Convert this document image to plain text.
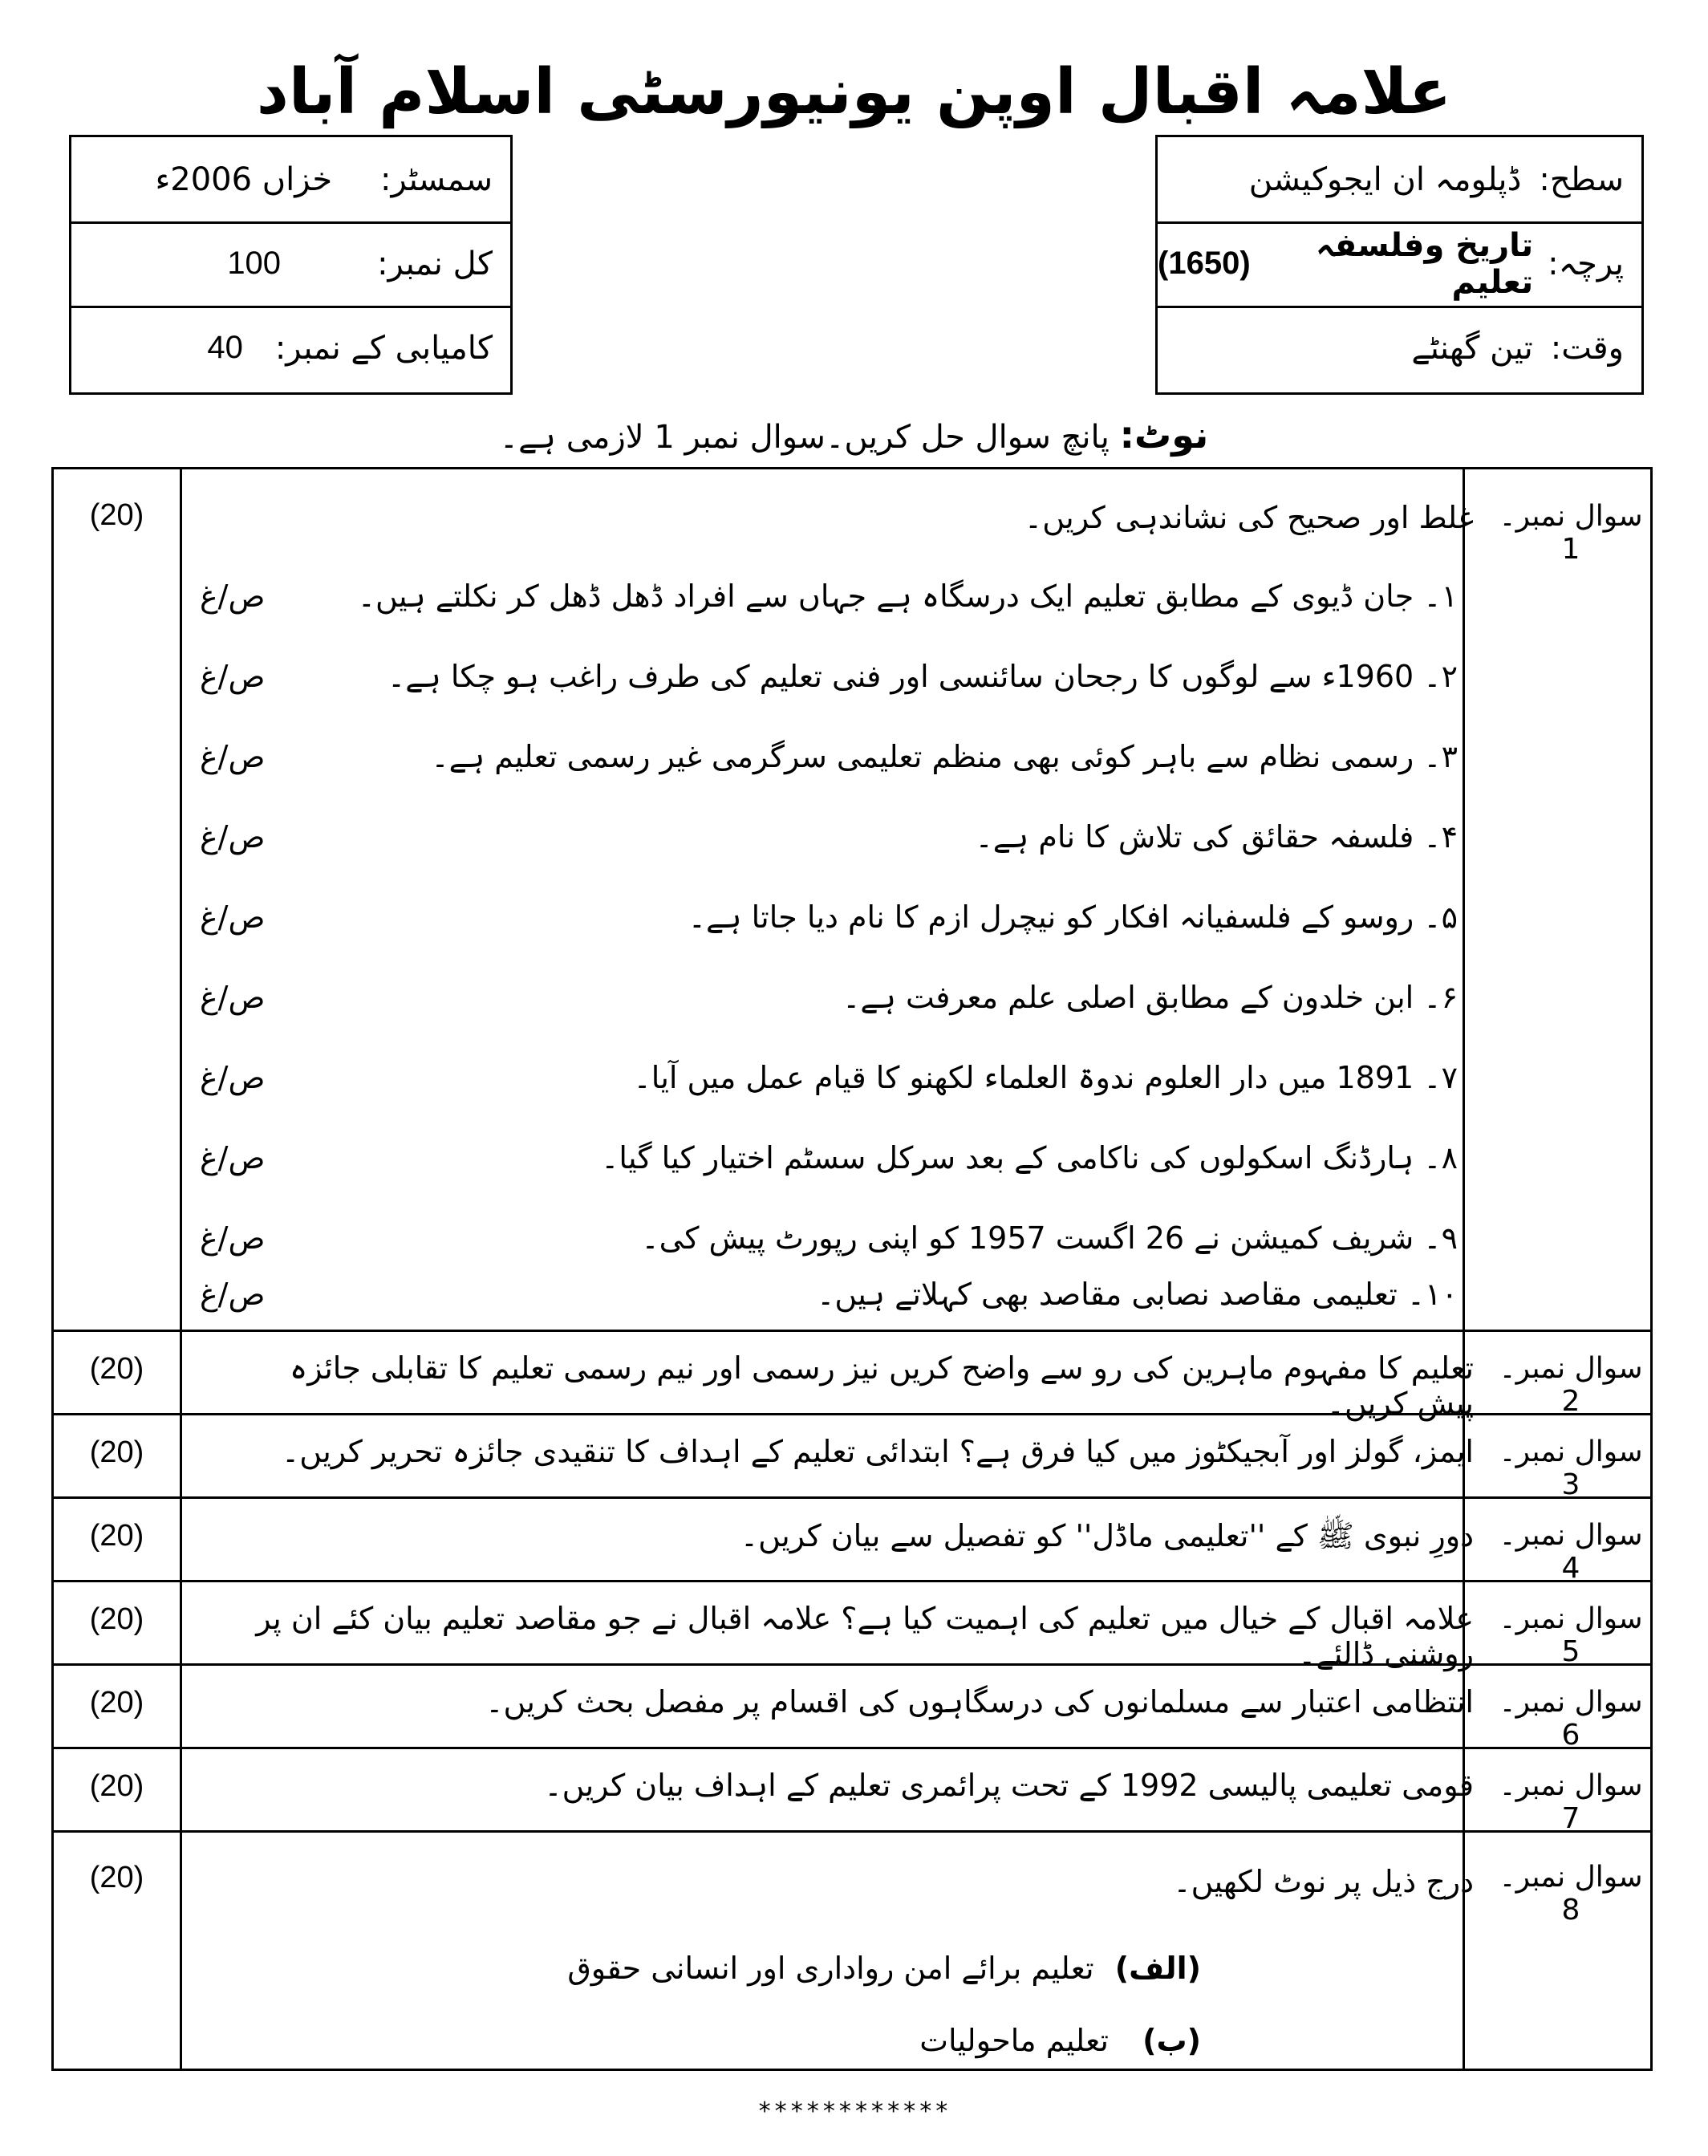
علامہ اقبال اوپن یونیورسٹی اسلام آباد
سطح:
ڈپلومہ ان ایجوکیشن
پرچہ:
تاریخ وفلسفہ تعلیم
(1650)
وقت:
تین گھنٹے
سمسٹر:
خزاں 2006ء
کل نمبر:
100
کامیابی کے نمبر:
40
نوٹ: پانچ سوال حل کریں۔سوال نمبر 1 لازمی ہے۔
سوال نمبر۔1
(20)	غلط اور صحیح کی نشاندہی کریں۔
۱۔ جان ڈیوی کے مطابق تعلیم ایک درسگاہ ہے جہاں سے افراد ڈھل ڈھل کر نکلتے ہیں۔
۲۔ 1960ء سے لوگوں کا رجحان سائنسی اور فنی تعلیم کی طرف راغب ہو چکا ہے۔
۳۔ رسمی نظام سے باہر کوئی بھی منظم تعلیمی سرگرمی غیر رسمی تعلیم ہے۔
۴۔ فلسفہ حقائق کی تلاش کا نام ہے۔
۵۔ روسو کے فلسفیانہ افکار کو نیچرل ازم کا نام دیا جاتا ہے۔
۶۔ ابن خلدون کے مطابق اصلی علم معرفت ہے۔
۷۔ 1891 میں دار العلوم ندوۃ العلماء لکھنو کا قیام عمل میں آیا۔
۸۔ ہارڈنگ اسکولوں کی ناکامی کے بعد سرکل سسٹم اختیار کیا گیا۔
۹۔ شریف کمیشن نے 26 اگست 1957 کو اپنی رپورٹ پیش کی۔
۱۰۔ تعلیمی مقاصد نصابی مقاصد بھی کہلاتے ہیں۔
ص/غ
ص/غ
ص/غ
ص/غ
ص/غ
ص/غ
ص/غ
ص/غ
ص/غ
ص/غ
سوال نمبر۔2
تعلیم کا مفہوم ماہرین کی رو سے واضح کریں نیز رسمی اور نیم رسمی تعلیم کا تقابلی جائزہ پیش کریں۔
(20)
سوال نمبر۔3
ایمز، گولز اور آبجیکٹوز میں کیا فرق ہے؟ ابتدائی تعلیم کے اہداف کا تنقیدی جائزہ تحریر کریں۔
(20)
سوال نمبر۔4
دورِ نبوی ﷺ کے ''تعلیمی ماڈل'' کو تفصیل سے بیان کریں۔
(20)
سوال نمبر۔5
علامہ اقبال کے خیال میں تعلیم کی اہمیت کیا ہے؟ علامہ اقبال نے جو مقاصد تعلیم بیان کئے ان پر روشنی ڈالئے۔
(20)
سوال نمبر۔6
انتظامی اعتبار سے مسلمانوں کی درسگاہوں کی اقسام پر مفصل بحث کریں۔
(20)
سوال نمبر۔7
قومی تعلیمی پالیسی 1992 کے تحت پرائمری تعلیم کے اہداف بیان کریں۔
(20)
سوال نمبر۔8
(20)	درج ذیل پر نوٹ لکھیں۔
(الف) تعلیم برائے امن رواداری اور انسانی حقوق
(ب) تعلیم ماحولیات
************
